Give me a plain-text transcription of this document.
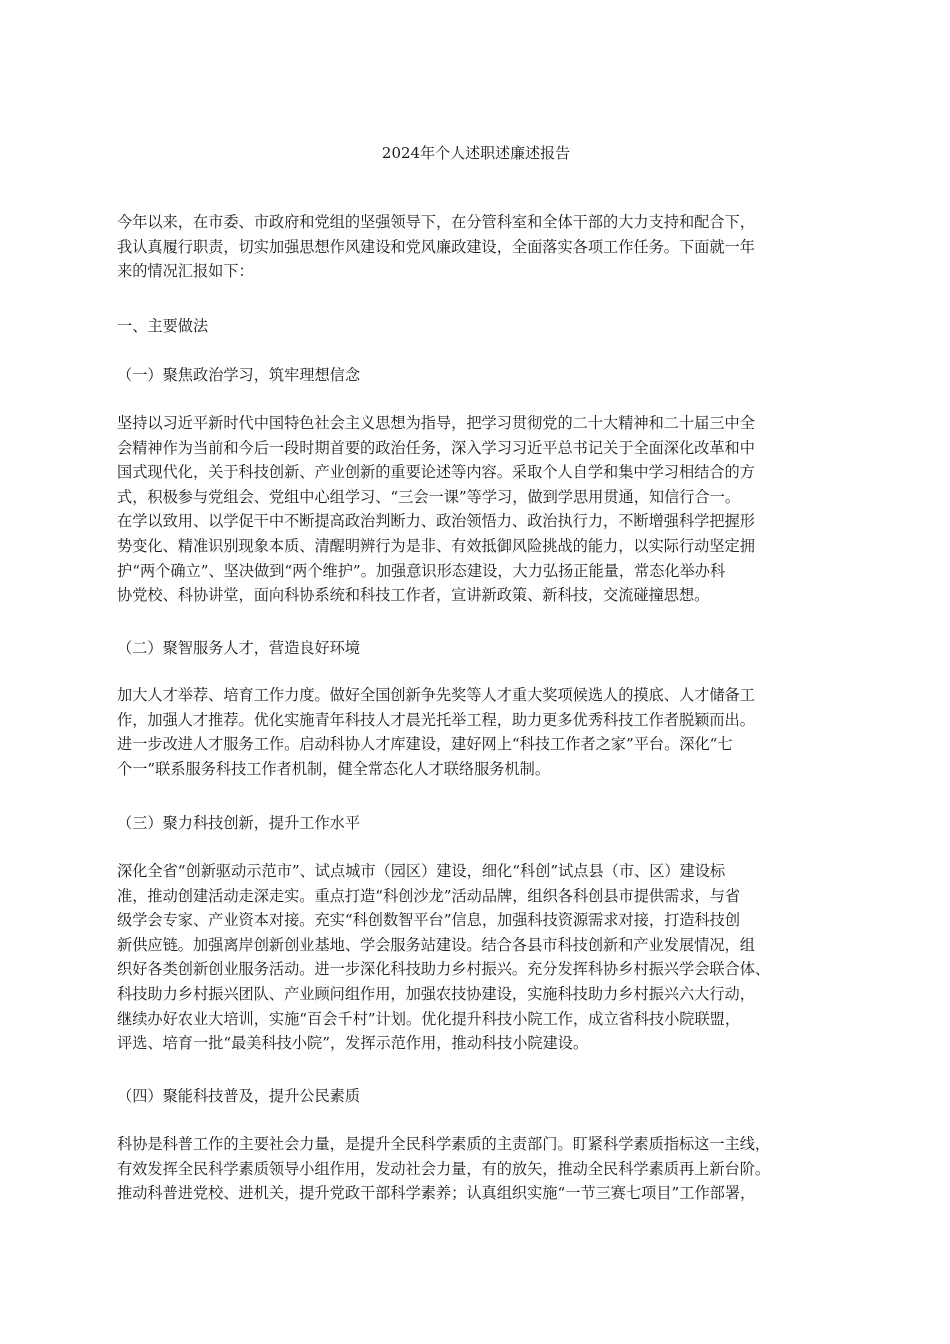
2024年个人述职述廉述报告
今年以来，在市委、市政府和党组的坚强领导下，在分管科室和全体干部的大力支持和配合下，
我认真履行职责，切实加强思想作风建设和党风廉政建设，全面落实各项工作任务。下面就一年
来的情况汇报如下：
一、主要做法
（一）聚焦政治学习，筑牢理想信念
坚持以习近平新时代中国特色社会主义思想为指导，把学习贯彻党的二十大精神和二十届三中全
会精神作为当前和今后一段时期首要的政治任务，深入学习习近平总书记关于全面深化改革和中
国式现代化，关于科技创新、产业创新的重要论述等内容。采取个人自学和集中学习相结合的方
式，积极参与党组会、党组中心组学习、“三会一课”等学习，做到学思用贯通，知信行合一。
在学以致用、以学促干中不断提高政治判断力、政治领悟力、政治执行力，不断增强科学把握形
势变化、精准识别现象本质、清醒明辨行为是非、有效抵御风险挑战的能力，以实际行动坚定拥
护“两个确立”、坚决做到“两个维护”。加强意识形态建设，大力弘扬正能量，常态化举办科
协党校、科协讲堂，面向科协系统和科技工作者，宣讲新政策、新科技，交流碰撞思想。
（二）聚智服务人才，营造良好环境
加大人才举荐、培育工作力度。做好全国创新争先奖等人才重大奖项候选人的摸底、人才储备工
作，加强人才推荐。优化实施青年科技人才晨光托举工程，助力更多优秀科技工作者脱颖而出。
进一步改进人才服务工作。启动科协人才库建设，建好网上“科技工作者之家”平台。深化“七
个一”联系服务科技工作者机制，健全常态化人才联络服务机制。
（三）聚力科技创新，提升工作水平
深化全省“创新驱动示范市”、试点城市（园区）建设，细化“科创”试点县（市、区）建设标
准，推动创建活动走深走实。重点打造“科创沙龙”活动品牌，组织各科创县市提供需求，与省
级学会专家、产业资本对接。充实“科创数智平台”信息，加强科技资源需求对接，打造科技创
新供应链。加强离岸创新创业基地、学会服务站建设。结合各县市科技创新和产业发展情况，组
织好各类创新创业服务活动。进一步深化科技助力乡村振兴。充分发挥科协乡村振兴学会联合体、
科技助力乡村振兴团队、产业顾问组作用，加强农技协建设，实施科技助力乡村振兴六大行动，
继续办好农业大培训，实施“百会千村”计划。优化提升科技小院工作，成立省科技小院联盟，
评选、培育一批“最美科技小院”，发挥示范作用，推动科技小院建设。
（四）聚能科技普及，提升公民素质
科协是科普工作的主要社会力量，是提升全民科学素质的主责部门。盯紧科学素质指标这一主线，
有效发挥全民科学素质领导小组作用，发动社会力量，有的放矢，推动全民科学素质再上新台阶。
推动科普进党校、进机关，提升党政干部科学素养；认真组织实施“一节三赛七项目”工作部署，
